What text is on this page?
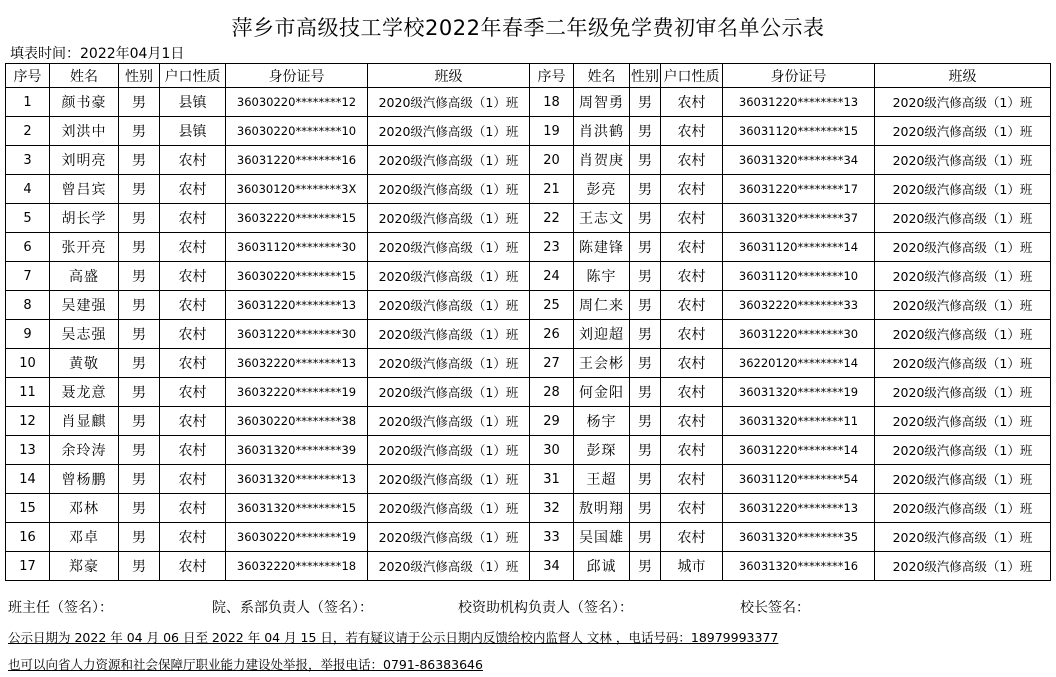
萍乡市高级技工学校2022年春季二年级免学费初审名单公示表
填表时间：2022年04月1日
序号	姓名	性别	户口性质	身份证号	班级	序号	姓名	性别	户口性质	身份证号	班级
1	颜书豪	男	县镇	36030220********12	2020级汽修高级（1）班	18	周智勇	男	农村	36031220********13	2020级汽修高级（1）班
2	刘洪中	男	县镇	36030220********10	2020级汽修高级（1）班	19	肖洪鹤	男	农村	36031120********15	2020级汽修高级（1）班
3	刘明亮	男	农村	36031220********16	2020级汽修高级（1）班	20	肖贺庚	男	农村	36031320********34	2020级汽修高级（1）班
4	曾吕宾	男	农村	36030120********3X	2020级汽修高级（1）班	21	彭亮	男	农村	36031220********17	2020级汽修高级（1）班
5	胡长学	男	农村	36032220********15	2020级汽修高级（1）班	22	王志文	男	农村	36031320********37	2020级汽修高级（1）班
6	张开亮	男	农村	36031120********30	2020级汽修高级（1）班	23	陈建锋	男	农村	36031120********14	2020级汽修高级（1）班
7	高盛	男	农村	36030220********15	2020级汽修高级（1）班	24	陈宇	男	农村	36031120********10	2020级汽修高级（1）班
8	吴建强	男	农村	36031220********13	2020级汽修高级（1）班	25	周仁来	男	农村	36032220********33	2020级汽修高级（1）班
9	吴志强	男	农村	36031220********30	2020级汽修高级（1）班	26	刘迎超	男	农村	36031220********30	2020级汽修高级（1）班
10	黄敬	男	农村	36032220********13	2020级汽修高级（1）班	27	王会彬	男	农村	36220120********14	2020级汽修高级（1）班
11	聂龙意	男	农村	36032220********19	2020级汽修高级（1）班	28	何金阳	男	农村	36031320********19	2020级汽修高级（1）班
12	肖显麒	男	农村	36030220********38	2020级汽修高级（1）班	29	杨宇	男	农村	36031320********11	2020级汽修高级（1）班
13	余玲涛	男	农村	36031320********39	2020级汽修高级（1）班	30	彭琛	男	农村	36031220********14	2020级汽修高级（1）班
14	曾杨鹏	男	农村	36031320********13	2020级汽修高级（1）班	31	王超	男	农村	36031120********54	2020级汽修高级（1）班
15	邓林	男	农村	36031320********15	2020级汽修高级（1）班	32	敖明翔	男	农村	36031220********13	2020级汽修高级（1）班
16	邓卓	男	农村	36030220********19	2020级汽修高级（1）班	33	吴国雄	男	农村	36031320********35	2020级汽修高级（1）班
17	郑豪	男	农村	36032220********18	2020级汽修高级（1）班	34	邱诚	男	城市	36031320********16	2020级汽修高级（1）班
班主任（签名）：	院、系部负责人（签名）：	校资助机构负责人（签名）：	校长签名：
公示日期为 2022 年 04 月 06 日至 2022 年 04 月 15 日，若有疑议请于公示日期内反馈给校内监督人 文林 ，电话号码：18979993377
也可以向省人力资源和社会保障厅职业能力建设处举报，举报电话：0791-86383646
